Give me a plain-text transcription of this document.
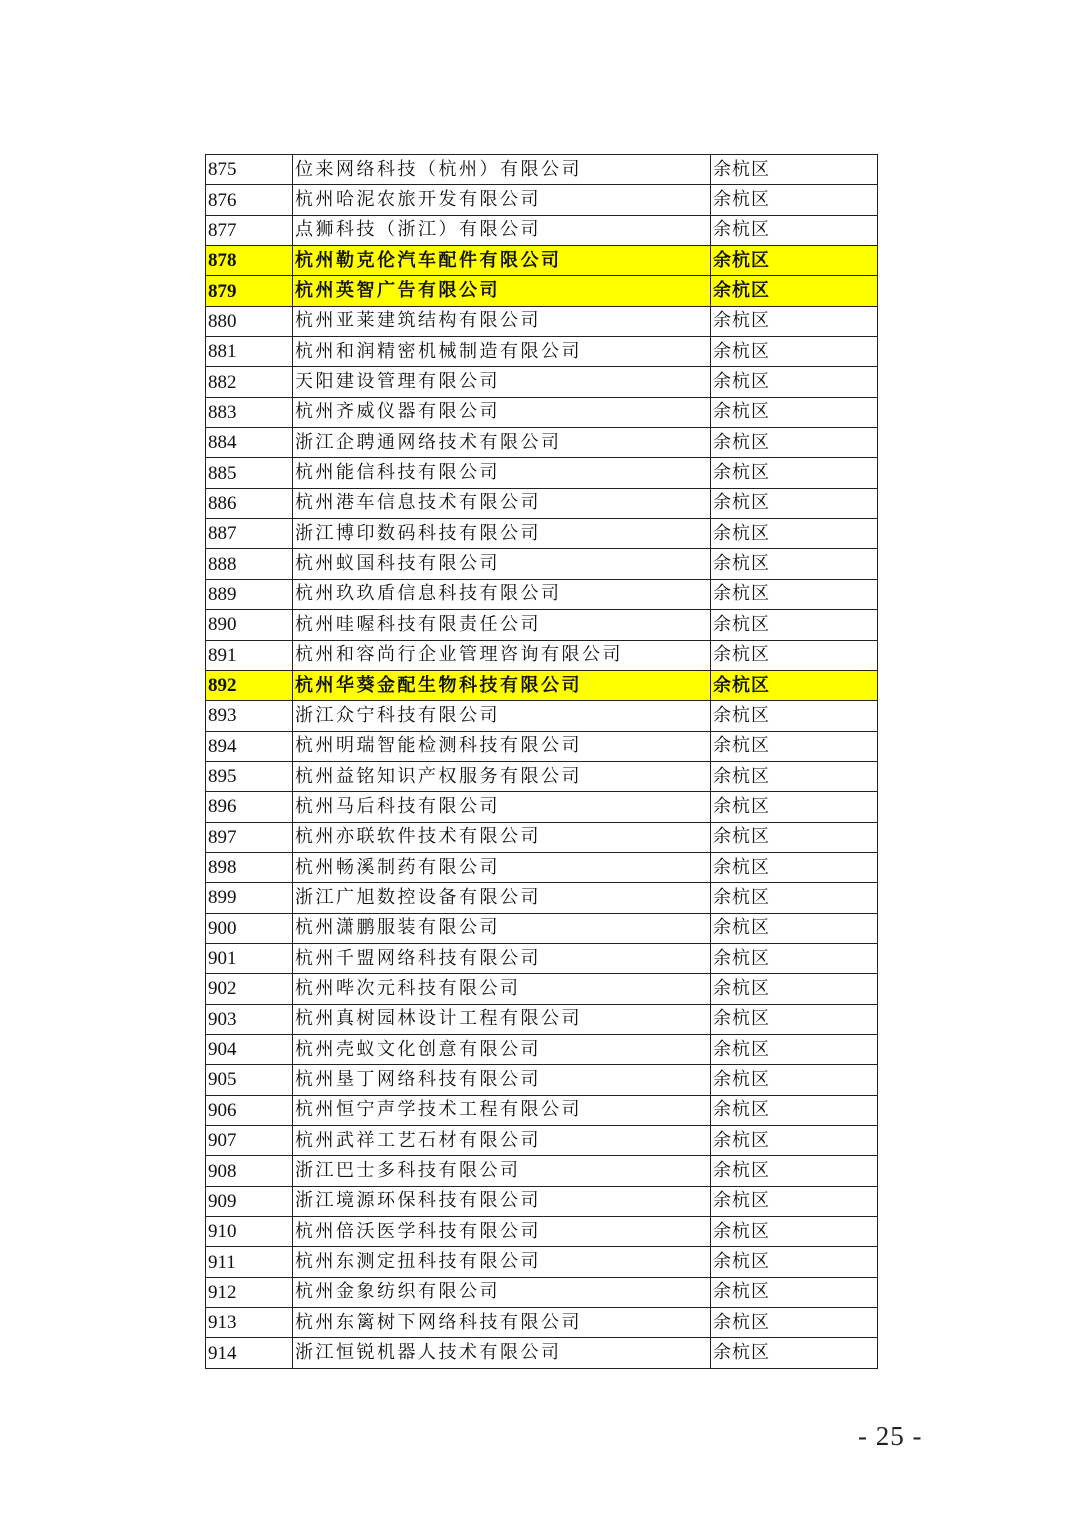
875	位来网络科技（杭州）有限公司	余杭区
876	杭州哈泥农旅开发有限公司	余杭区
877	点狮科技（浙江）有限公司	余杭区
878	杭州勒克伦汽车配件有限公司	余杭区
879	杭州英智广告有限公司	余杭区
880	杭州亚莱建筑结构有限公司	余杭区
881	杭州和润精密机械制造有限公司	余杭区
882	天阳建设管理有限公司	余杭区
883	杭州齐威仪器有限公司	余杭区
884	浙江企聘通网络技术有限公司	余杭区
885	杭州能信科技有限公司	余杭区
886	杭州港车信息技术有限公司	余杭区
887	浙江博印数码科技有限公司	余杭区
888	杭州蚁国科技有限公司	余杭区
889	杭州玖玖盾信息科技有限公司	余杭区
890	杭州哇喔科技有限责任公司	余杭区
891	杭州和容尚行企业管理咨询有限公司	余杭区
892	杭州华葵金配生物科技有限公司	余杭区
893	浙江众宁科技有限公司	余杭区
894	杭州明瑞智能检测科技有限公司	余杭区
895	杭州益铭知识产权服务有限公司	余杭区
896	杭州马后科技有限公司	余杭区
897	杭州亦联软件技术有限公司	余杭区
898	杭州畅溪制药有限公司	余杭区
899	浙江广旭数控设备有限公司	余杭区
900	杭州潇鹏服装有限公司	余杭区
901	杭州千盟网络科技有限公司	余杭区
902	杭州哔次元科技有限公司	余杭区
903	杭州真树园林设计工程有限公司	余杭区
904	杭州壳蚁文化创意有限公司	余杭区
905	杭州垦丁网络科技有限公司	余杭区
906	杭州恒宁声学技术工程有限公司	余杭区
907	杭州武祥工艺石材有限公司	余杭区
908	浙江巴士多科技有限公司	余杭区
909	浙江境源环保科技有限公司	余杭区
910	杭州倍沃医学科技有限公司	余杭区
911	杭州东测定扭科技有限公司	余杭区
912	杭州金象纺织有限公司	余杭区
913	杭州东篱树下网络科技有限公司	余杭区
914	浙江恒锐机器人技术有限公司	余杭区
- 25 -
